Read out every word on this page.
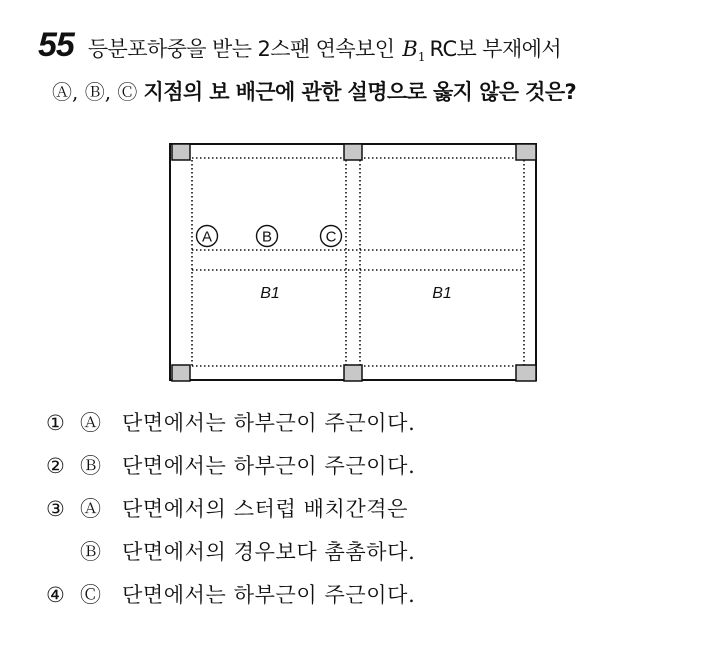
55 등분포하중을 받는 2스팬 연속보인 $B_1$ RC보 부재에서
Ⓐ, Ⓑ, Ⓒ 지점의 보 배근에 관한 설명으로 옳지 않은 것은?
A	B	C
B1	B1
① Ⓐ 단면에서는 하부근이 주근이다.
② Ⓑ 단면에서는 하부근이 주근이다.
③ Ⓐ 단면에서의 스터럽 배치간격은
Ⓑ 단면에서의 경우보다 촘촘하다.
④ Ⓒ 단면에서는 하부근이 주근이다.
